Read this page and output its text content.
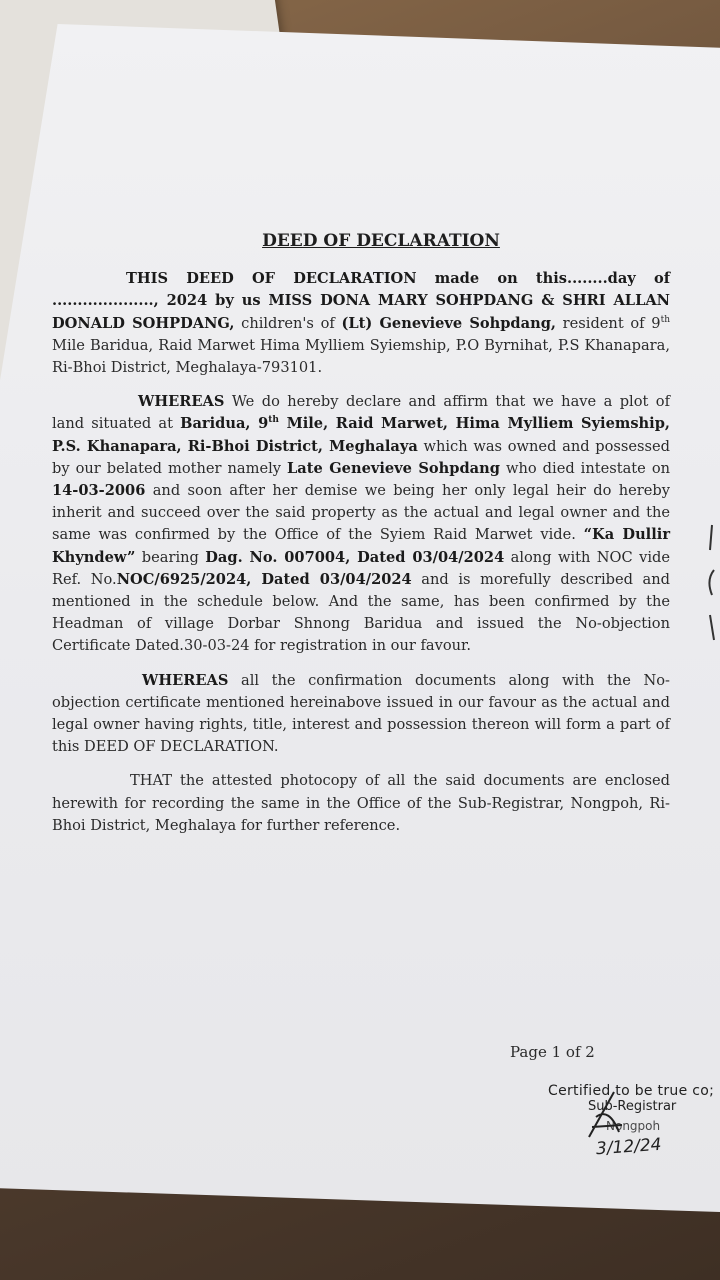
DEED OF DECLARATION

THIS DEED OF DECLARATION made on this........day of ...................., 2024 by us MISS DONA MARY SOHPDANG & SHRI ALLAN DONALD SOHPDANG, children's of (Lt) Genevieve Sohpdang, resident of 9th Mile Baridua, Raid Marwet Hima Mylliem Syiemship, P.O Byrnihat, P.S Khanapara, Ri-Bhoi District, Meghalaya-793101.

WHEREAS We do hereby declare and affirm that we have a plot of land situated at Baridua, 9th Mile, Raid Marwet, Hima Mylliem Syiemship, P.S. Khanapara, Ri-Bhoi District, Meghalaya which was owned and possessed by our belated mother namely Late Genevieve Sohpdang who died intestate on 14-03-2006 and soon after her demise we being her only legal heir do hereby inherit and succeed over the said property as the actual and legal owner and the same was confirmed by the Office of the Syiem Raid Marwet vide. “Ka Dullir Khyndew” bearing Dag. No. 007004, Dated 03/04/2024 along with NOC vide Ref. No.NOC/6925/2024, Dated 03/04/2024 and is morefully described and mentioned in the schedule below. And the same, has been confirmed by the Headman of village Dorbar Shnong Baridua and issued the No-objection Certificate Dated.30-03-24 for registration in our favour.

WHEREAS all the confirmation documents along with the No-objection certificate mentioned hereinabove issued in our favour as the actual and legal owner having rights, title, interest and possession thereon will form a part of this DEED OF DECLARATION.

THAT the attested photocopy of all the said documents are enclosed herewith for recording the same in the Office of the Sub-Registrar, Nongpoh, Ri-Bhoi District, Meghalaya for further reference.

Page 1 of 2
Certified to be true co;
Sub-Registrar
Nongpoh
3/12/24
